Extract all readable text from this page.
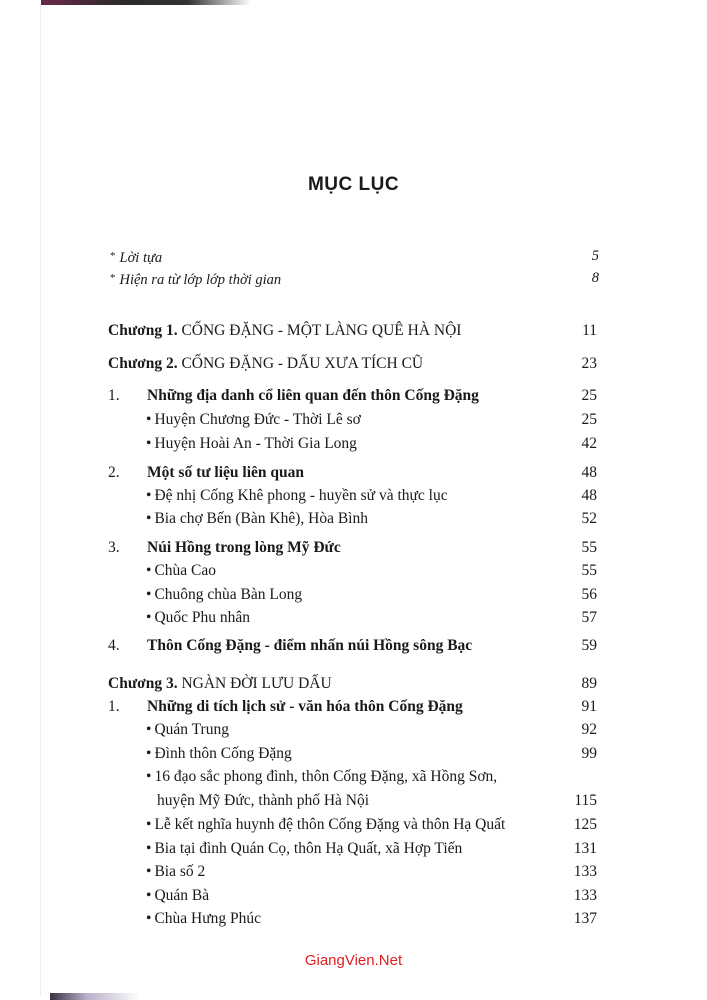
MỤC LỤC
* Lời tựa	5
* Hiện ra từ lớp lớp thời gian	8
Chương 1. CỐNG ĐẶNG - MỘT LÀNG QUÊ HÀ NỘI	11
Chương 2. CỐNG ĐẶNG - DẤU XƯA TÍCH CŨ	23
1. Những địa danh cổ liên quan đến thôn Cống Đặng	25
• Huyện Chương Đức - Thời Lê sơ	25
• Huyện Hoài An - Thời Gia Long	42
2. Một số tư liệu liên quan	48
• Đệ nhị Cống Khê phong - huyền sử và thực lục	48
• Bia chợ Bến (Bàn Khê), Hòa Bình	52
3. Núi Hồng trong lòng Mỹ Đức	55
• Chùa Cao	55
• Chuông chùa Bàn Long	56
• Quốc Phu nhân	57
4. Thôn Cống Đặng - điểm nhấn núi Hồng sông Bạc	59
Chương 3. NGÀN ĐỜI LƯU DẤU	89
1. Những di tích lịch sử - văn hóa thôn Cống Đặng	91
• Quán Trung	92
• Đình thôn Cống Đặng	99
• 16 đạo sắc phong đình, thôn Cống Đặng, xã Hồng Sơn,
huyện Mỹ Đức, thành phố Hà Nội	115
• Lễ kết nghĩa huynh đệ thôn Cống Đặng và thôn Hạ Quất	125
• Bia tại đình Quán Cọ, thôn Hạ Quất, xã Hợp Tiến	131
• Bia số 2	133
• Quán Bà	133
• Chùa Hưng Phúc	137
GiangVien.Net
